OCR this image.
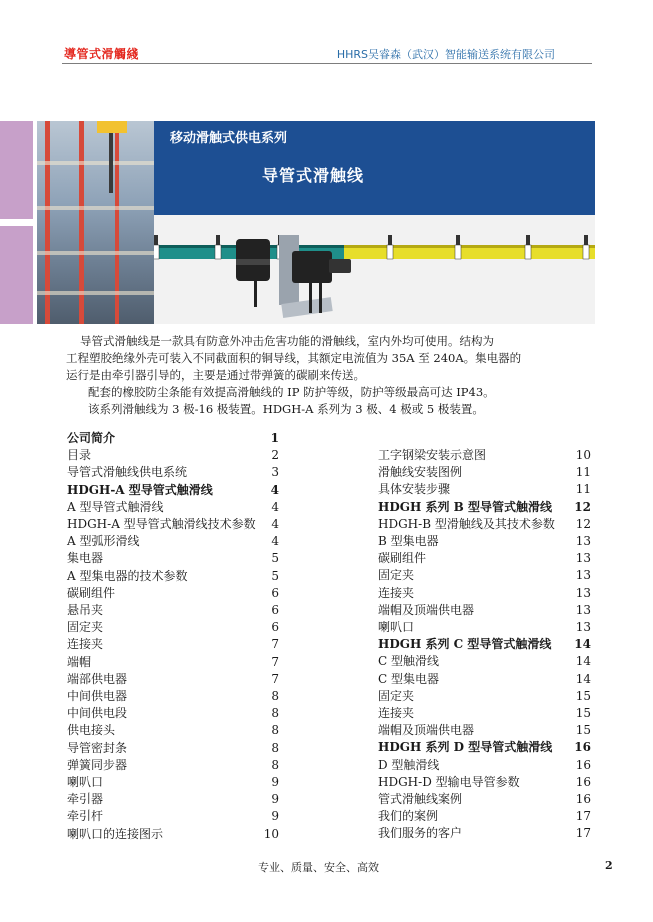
導管式滑觸綫	HHRS吴睿森（武汉）智能输送系统有限公司
移动滑触式供电系列
导管式滑触线

导管式滑触线是一款具有防意外冲击危害功能的滑触线，室内外均可使用。结构为

工程塑胶绝缘外壳可装入不同截面积的铜导线，其额定电流值为 35A 至 240A。集电器的

运行是由牵引器引导的，主要是通过带弹簧的碳刷来传送。

配套的橡胶防尘条能有效提高滑触线的 IP 防护等级，防护等级最高可达 IP43。

该系列滑触线为 3 极-16 极装置。HDGH-A 系列为 3 极、4 极或 5 极装置。

公司简介	1
目录	2
导管式滑触线供电系统	3
HDGH-A 型导管式触滑线	4
A 型导管式触滑线	4
HDGH-A 型导管式触滑线技术参数	4
A 型弧形滑线	4
集电器	5
A 型集电器的技术参数	5
碳刷组件	6
悬吊夹	6
固定夹	6
连接夹	7
端帽	7
端部供电器	7
中间供电器	8
中间供电段	8
供电接头	8
导管密封条	8
弹簧同步器	8
喇叭口	9
牵引器	9
牵引杆	9
喇叭口的连接图示	10
工字钢梁安装示意图	10
滑触线安装图例	11
具体安装步骤	11
HDGH 系列 B 型导管式触滑线 12
HDGH-B 型滑触线及其技术参数	12
B 型集电器	13
碳刷组件	13
固定夹	13
连接夹	13
端帽及顶端供电器	13
喇叭口	13
HDGH 系列 C 型导管式触滑线 14
C 型触滑线	14
C 型集电器	14
固定夹	15
连接夹	15
端帽及顶端供电器	15
HDGH 系列 D 型导管式触滑线 16
D 型触滑线	16
HDGH-D 型输电导管参数	16
管式滑触线案例	16
我们的案例	17
我们服务的客户	17
专业、质量、安全、高效	2
